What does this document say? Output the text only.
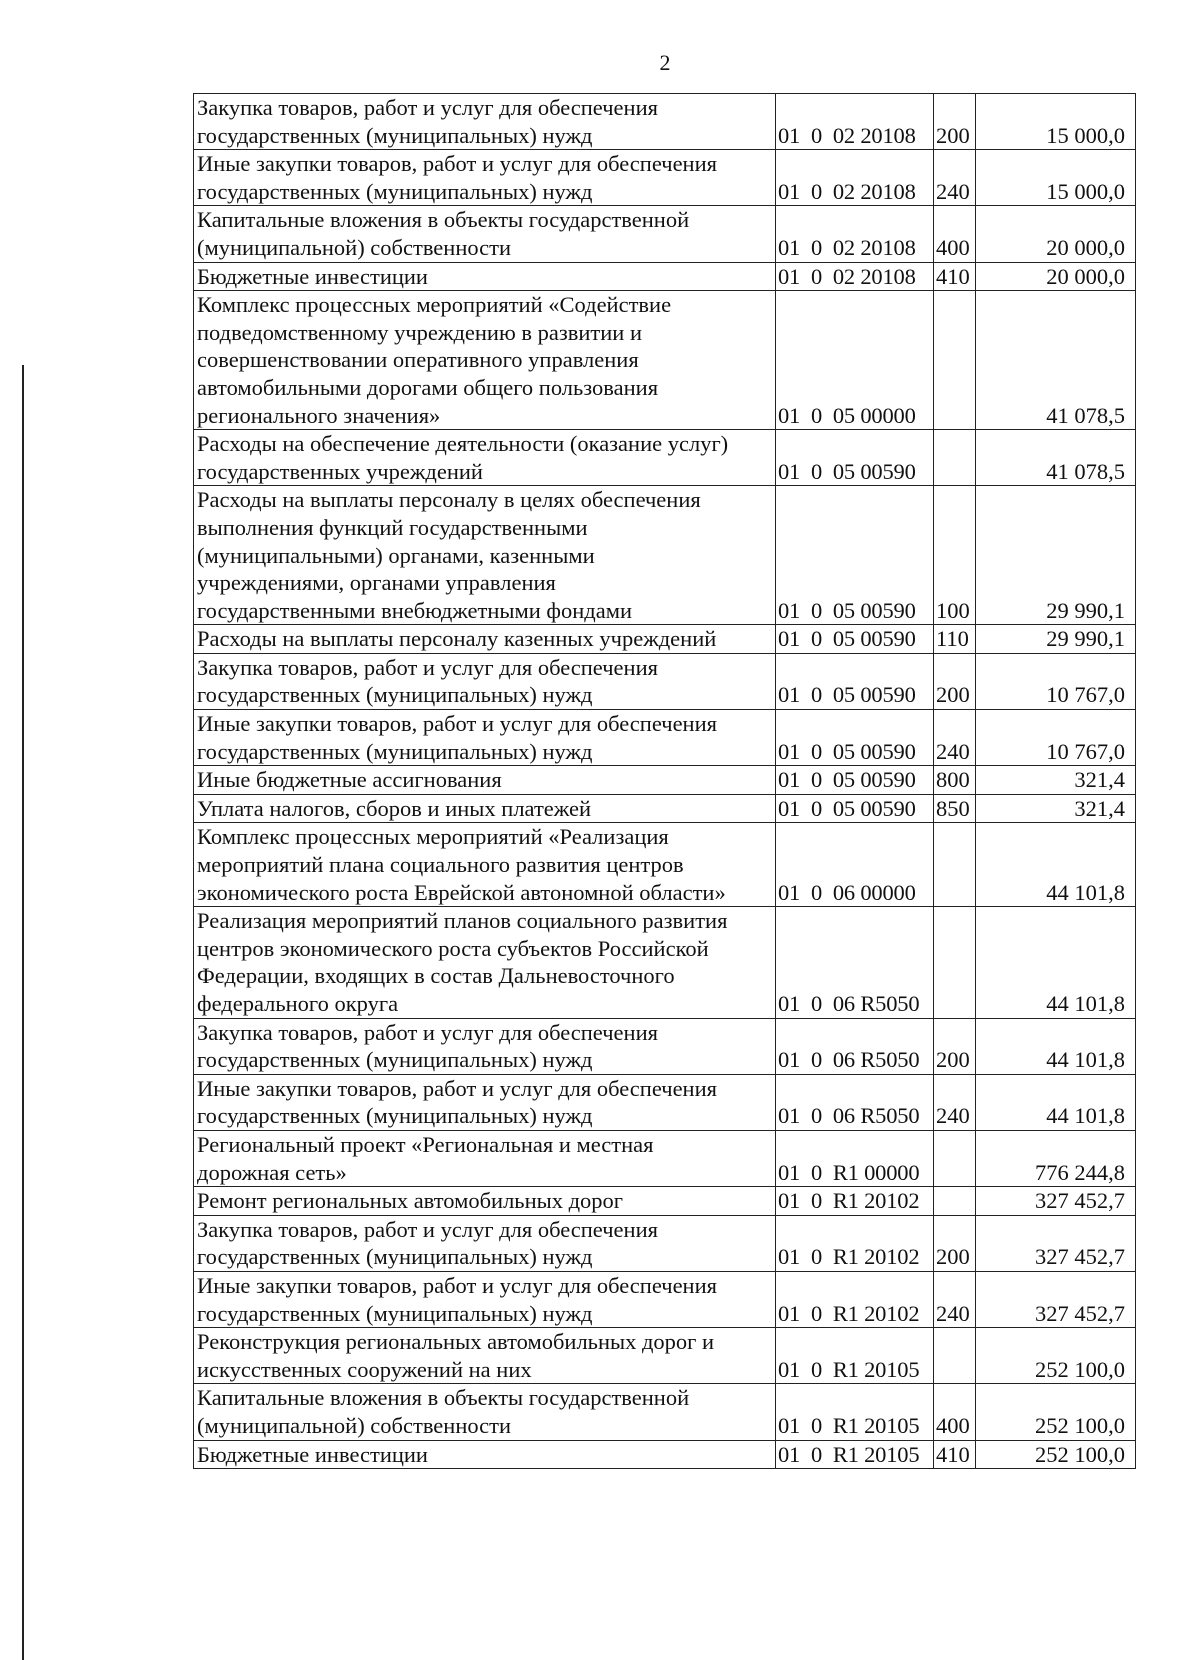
2
Закупка товаров, работ и услуг для обеспечения
государственных (муниципальных) нужд	01  0  02 20108	200	15 000,0
Иные закупки товаров, работ и услуг для обеспечения
государственных (муниципальных) нужд	01  0  02 20108	240	15 000,0
Капитальные вложения в объекты государственной
(муниципальной) собственности	01  0  02 20108	400	20 000,0
Бюджетные инвестиции	01  0  02 20108	410	20 000,0
Комплекс процессных мероприятий «Содействие
подведомственному учреждению в развитии и
совершенствовании оперативного управления
автомобильными дорогами общего пользования
регионального значения»	01  0  05 00000		41 078,5
Расходы на обеспечение деятельности (оказание услуг)
государственных учреждений	01  0  05 00590		41 078,5
Расходы на выплаты персоналу в целях обеспечения
выполнения функций государственными
(муниципальными) органами, казенными
учреждениями, органами управления
государственными внебюджетными фондами	01  0  05 00590	100	29 990,1
Расходы на выплаты персоналу казенных учреждений	01  0  05 00590	110	29 990,1
Закупка товаров, работ и услуг для обеспечения
государственных (муниципальных) нужд	01  0  05 00590	200	10 767,0
Иные закупки товаров, работ и услуг для обеспечения
государственных (муниципальных) нужд	01  0  05 00590	240	10 767,0
Иные бюджетные ассигнования	01  0  05 00590	800	321,4
Уплата налогов, сборов и иных платежей	01  0  05 00590	850	321,4
Комплекс процессных мероприятий «Реализация
мероприятий плана социального развития центров
экономического роста Еврейской автономной области»	01  0  06 00000		44 101,8
Реализация мероприятий планов социального развития
центров экономического роста субъектов Российской
Федерации, входящих в состав Дальневосточного
федерального округа	01  0  06 R5050		44 101,8
Закупка товаров, работ и услуг для обеспечения
государственных (муниципальных) нужд	01  0  06 R5050	200	44 101,8
Иные закупки товаров, работ и услуг для обеспечения
государственных (муниципальных) нужд	01  0  06 R5050	240	44 101,8
Региональный проект «Региональная и местная
дорожная сеть»	01  0  R1 00000		776 244,8
Ремонт региональных автомобильных дорог	01  0  R1 20102		327 452,7
Закупка товаров, работ и услуг для обеспечения
государственных (муниципальных) нужд	01  0  R1 20102	200	327 452,7
Иные закупки товаров, работ и услуг для обеспечения
государственных (муниципальных) нужд	01  0  R1 20102	240	327 452,7
Реконструкция региональных автомобильных дорог и
искусственных сооружений на них	01  0  R1 20105		252 100,0
Капитальные вложения в объекты государственной
(муниципальной) собственности	01  0  R1 20105	400	252 100,0
Бюджетные инвестиции	01  0  R1 20105	410	252 100,0
